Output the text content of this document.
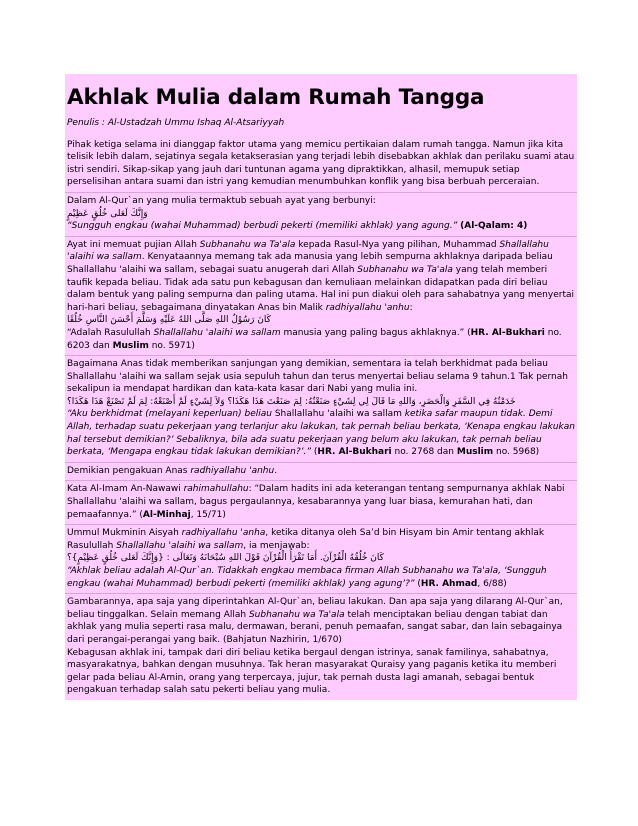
Akhlak Mulia dalam Rumah Tangga
Penulis : Al-Ustadzah Ummu Ishaq Al-Atsariyyah
Pihak ketiga selama ini dianggap faktor utama yang memicu pertikaian dalam rumah tangga. Namun jika kita telisik lebih dalam, sejatinya segala ketakserasian yang terjadi lebih disebabkan akhlak dan perilaku suami atau istri sendiri. Sikap-sikap yang jauh dari tuntunan agama yang dipraktikkan, alhasil, memupuk setiap perselisihan antara suami dan istri yang kemudian menumbuhkan konflik yang bisa berbuah perceraian.
Dalam Al-Qur`an yang mulia termaktub sebuah ayat yang berbunyi:
وَإِنَّكَ لَعَلى خُلُقٍ عَظِيْمٍ
“Sungguh engkau (wahai Muhammad) berbudi pekerti (memiliki akhlak) yang agung.” (Al-Qalam: 4)
Ayat ini memuat pujian Allah Subhanahu wa Ta'ala kepada Rasul-Nya yang pilihan, Muhammad Shallallahu 'alaihi wa sallam. Kenyataannya memang tak ada manusia yang lebih sempurna akhlaknya daripada beliau Shallallahu 'alaihi wa sallam, sebagai suatu anugerah dari Allah Subhanahu wa Ta'ala yang telah memberi taufik kepada beliau. Tidak ada satu pun kebagusan dan kemuliaan melainkan didapatkan pada diri beliau dalam bentuk yang paling sempurna dan paling utama. Hal ini pun diakui oleh para sahabatnya yang menyertai hari-hari beliau, sebagaimana dinyatakan Anas bin Malik radhiyallahu 'anhu:
كَانَ رَسُوْلُ اللهِ صَلَّى اللهُ عَلَيْهِ وَسَلَّمَ أَحْسَنَ النَّاسِ خُلُقًا
“Adalah Rasulullah Shallallahu 'alaihi wa sallam manusia yang paling bagus akhlaknya.” (HR. Al-Bukhari no. 6203 dan Muslim no. 5971)
Bagaimana Anas tidak memberikan sanjungan yang demikian, sementara ia telah berkhidmat pada beliau Shallallahu 'alaihi wa sallam sejak usia sepuluh tahun dan terus menyertai beliau selama 9 tahun.1 Tak pernah sekalipun ia mendapat hardikan dan kata-kata kasar dari Nabi yang mulia ini.
خَدَمْتُهُ فِي السَّفَرِ وَالْحَضَرِ، وَاللهِ مَا قَالَ لِي لِشَيْءٍ صَنَعْتُهُ: لِمَ صَنَعْتَ هَذَا هَكَذَا؟ وَلاَ لِشَيْءٍ لَمْ أَصْنَعْهُ: لِمَ لَمْ تَصْنَعْ هَذَا هَكَذَا؟
“Aku berkhidmat (melayani keperluan) beliau Shallallahu 'alaihi wa sallam ketika safar maupun tidak. Demi Allah, terhadap suatu pekerjaan yang terlanjur aku lakukan, tak pernah beliau berkata, ‘Kenapa engkau lakukan hal tersebut demikian?’ Sebaliknya, bila ada suatu pekerjaan yang belum aku lakukan, tak pernah beliau berkata, ‘Mengapa engkau tidak lakukan demikian?’.” (HR. Al-Bukhari no. 2768 dan Muslim no. 5968)
Demikian pengakuan Anas radhiyallahu 'anhu.
Kata Al-Imam An-Nawawi rahimahullahu: “Dalam hadits ini ada keterangan tentang sempurnanya akhlak Nabi Shallallahu 'alaihi wa sallam, bagus pergaulannya, kesabarannya yang luar biasa, kemurahan hati, dan pemaafannya.” (Al-Minhaj, 15/71)
Ummul Mukminin Aisyah radhiyallahu 'anha, ketika ditanya oleh Sa’d bin Hisyam bin Amir tentang akhlak Rasulullah Shallallahu 'alaihi wa sallam, ia menjawab:
كَانَ خُلُقُهُ الْقُرْآنَ. أَمَا تَقْرَأُ الْقُرْآنَ قَوْلَ اللهِ سُبْحَانَهُ وَتَعَالَى : {وَإِنَّكَ لَعَلى خُلُقٍ عَظِيْمٍ}؟
“Akhlak beliau adalah Al-Qur`an. Tidakkah engkau membaca firman Allah Subhanahu wa Ta'ala, ‘Sungguh engkau (wahai Muhammad) berbudi pekerti (memiliki akhlak) yang agung’?” (HR. Ahmad, 6/88)
Gambarannya, apa saja yang diperintahkan Al-Qur`an, beliau lakukan. Dan apa saja yang dilarang Al-Qur`an, beliau tinggalkan. Selain memang Allah Subhanahu wa Ta'ala telah menciptakan beliau dengan tabiat dan akhlak yang mulia seperti rasa malu, dermawan, berani, penuh pemaafan, sangat sabar, dan lain sebagainya dari perangai-perangai yang baik. (Bahjatun Nazhirin, 1/670)
Kebagusan akhlak ini, tampak dari diri beliau ketika bergaul dengan istrinya, sanak familinya, sahabatnya, masyarakatnya, bahkan dengan musuhnya. Tak heran masyarakat Quraisy yang paganis ketika itu memberi gelar pada beliau Al-Amin, orang yang terpercaya, jujur, tak pernah dusta lagi amanah, sebagai bentuk pengakuan terhadap salah satu pekerti beliau yang mulia.
